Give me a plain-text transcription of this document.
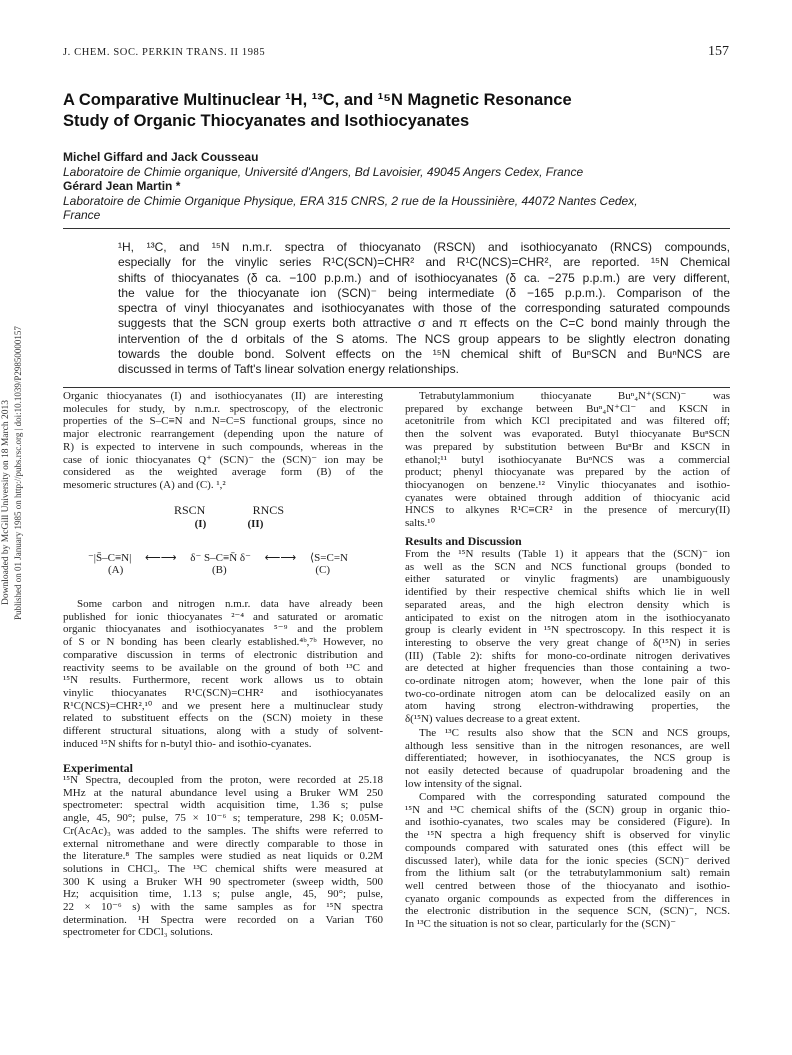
J. CHEM. SOC. PERKIN TRANS. II 1985	157
Downloaded by McGill University on 18 March 2013 Published on 01 January 1985 on http://pubs.rsc.org | doi:10.1039/P29850000157
A Comparative Multinuclear ¹H, ¹³C, and ¹⁵N Magnetic Resonance
Study of Organic Thiocyanates and Isothiocyanates
Michel Giffard and Jack Cousseau
Laboratoire de Chimie organique, Université d'Angers, Bd Lavoisier, 49045 Angers Cedex, France
Gérard Jean Martin *
Laboratoire de Chimie Organique Physique, ERA 315 CNRS, 2 rue de la Houssinière, 44072 Nantes Cedex,
France
¹H, ¹³C, and ¹⁵N n.m.r. spectra of thiocyanato (RSCN) and isothiocyanato (RNCS) compounds,
especially for the vinylic series R¹C(SCN)=CHR² and R¹C(NCS)=CHR², are reported. ¹⁵N Chemical
shifts of thiocyanates (δ ca. −100 p.p.m.) and of isothiocyanates (δ ca. −275 p.p.m.) are very different,
the value for the thiocyanate ion (SCN)⁻ being intermediate (δ −165 p.p.m.). Comparison of the
spectra of vinyl thiocyanates and isothiocyanates with those of the corresponding saturated compounds
suggests that the SCN group exerts both attractive σ and π effects on the C=C bond mainly through the
intervention of the d orbitals of the S atoms. The NCS group appears to be slightly electron donating
towards the double bond. Solvent effects on the ¹⁵N chemical shift of BuⁿSCN and BuⁿNCS are
discussed in terms of Taft's linear solvation energy relationships.
Organic thiocyanates (I) and isothiocyanates (II) are interesting
molecules for study, by n.m.r. spectroscopy, of the electronic
properties of the S–C≡N and N=C=S functional groups, since no
major electronic rearrangement (depending upon the nature of
R) is expected to intervene in such compounds, whereas in the
case of ionic thiocyanates Q⁺ (SCN)⁻ the (SCN)⁻ ion may be
considered as the weighted average form (B) of the
mesomeric structures (A) and (C). ¹,²
RSCN	RNCS
(I)	(II)
⁻|S̄–C≡N| ⟵⟶ δ⁻ S–C≡N̄ δ⁻ ⟵⟶ ⟨S=C=N
(A)	(B)	(C)
Some carbon and nitrogen n.m.r. data have already been
published for ionic thiocyanates ²⁻⁴ and saturated or aromatic
organic thiocyanates and isothiocyanates ⁵⁻⁹ and the problem
of S or N bonding has been clearly established.⁴ᵇ,⁷ᵇ However, no
comparative discussion in terms of electronic distribution and
reactivity seems to be available on the ground of both ¹³C and
¹⁵N results. Furthermore, recent work allows us to obtain
vinylic thiocyanates R¹C(SCN)=CHR² and isothiocyanates
R¹C(NCS)=CHR²,¹⁰ and we present here a multinuclear study
related to substituent effects on the (SCN) moiety in these
different structural situations, along with a study of solvent-
induced ¹⁵N shifts for n-butyl thio- and isothio-cyanates.
Experimental
¹⁵N Spectra, decoupled from the proton, were recorded at 25.18
MHz at the natural abundance level using a Bruker WM 250
spectrometer: spectral width acquisition time, 1.36 s; pulse
angle, 45, 90°; pulse, 75 × 10⁻⁶ s; temperature, 298 K; 0.05M-
Cr(AcAc)₃ was added to the samples. The shifts were referred to
external nitromethane and were directly comparable to those in
the literature.⁸ The samples were studied as neat liquids or 0.2M
solutions in CHCl₃. The ¹³C chemical shifts were measured at
300 K using a Bruker WH 90 spectrometer (sweep width, 500
Hz; acquisition time, 1.13 s; pulse angle, 45, 90°; pulse,
22 × 10⁻⁶ s) with the same samples as for ¹⁵N spectra
determination. ¹H Spectra were recorded on a Varian T60
spectrometer for CDCl₃ solutions.
Tetrabutylammonium thiocyanate Buⁿ₄N⁺(SCN)⁻ was
prepared by exchange between Buⁿ₄N⁺Cl⁻ and KSCN in
acetonitrile from which KCl precipitated and was filtered off;
then the solvent was evaporated. Butyl thiocyanate BuⁿSCN
was prepared by substitution between BuⁿBr and KSCN in
ethanol;¹¹ butyl isothiocyanate BuⁿNCS was a commercial
product; phenyl thiocyanate was prepared by the action of
thiocyanogen on benzene.¹² Vinylic thiocyanates and isothio-
cyanates were obtained through addition of thiocyanic acid
HNCS to alkynes R¹C≡CR² in the presence of mercury(II)
salts.¹⁰
Results and Discussion
From the ¹⁵N results (Table 1) it appears that the (SCN)⁻ ion
as well as the SCN and NCS functional groups (bonded to
either saturated or vinylic fragments) are unambiguously
identified by their respective chemical shifts which lie in well
separated areas, and the high electron density which is
anticipated to exist on the nitrogen atom in the isothiocyanato
group is clearly evident in ¹⁵N spectroscopy. In this respect it is
interesting to observe the very great change of δ(¹⁵N) in series
(III) (Table 2): shifts for mono-co-ordinate nitrogen derivatives
are detected at higher frequencies than those containing a two-
co-ordinate nitrogen atom; however, when the lone pair of this
two-co-ordinate nitrogen atom can be delocalized easily on an
atom having strong electron-withdrawing properties, the
δ(¹⁵N) values decrease to a great extent.
The ¹³C results also show that the SCN and NCS groups,
although less sensitive than in the nitrogen resonances, are well
differentiated; however, in isothiocyanates, the NCS group is
not easily detected because of quadrupolar broadening and the
low intensity of the signal.
Compared with the corresponding saturated compound the
¹⁵N and ¹³C chemical shifts of the (SCN) group in organic thio-
and isothio-cyanates, two scales may be considered (Figure). In
the ¹⁵N spectra a high frequency shift is observed for vinylic
compounds compared with saturated ones (this effect will be
discussed later), while data for the ionic species (SCN)⁻ derived
from the lithium salt (or the tetrabutylammonium salt) remain
well centred between those of the thiocyanato and isothio-
cyanato organic compounds as expected from the differences in
the electronic distribution in the sequence SCN, (SCN)⁻, NCS.
In ¹³C the situation is not so clear, particularly for the (SCN)⁻
